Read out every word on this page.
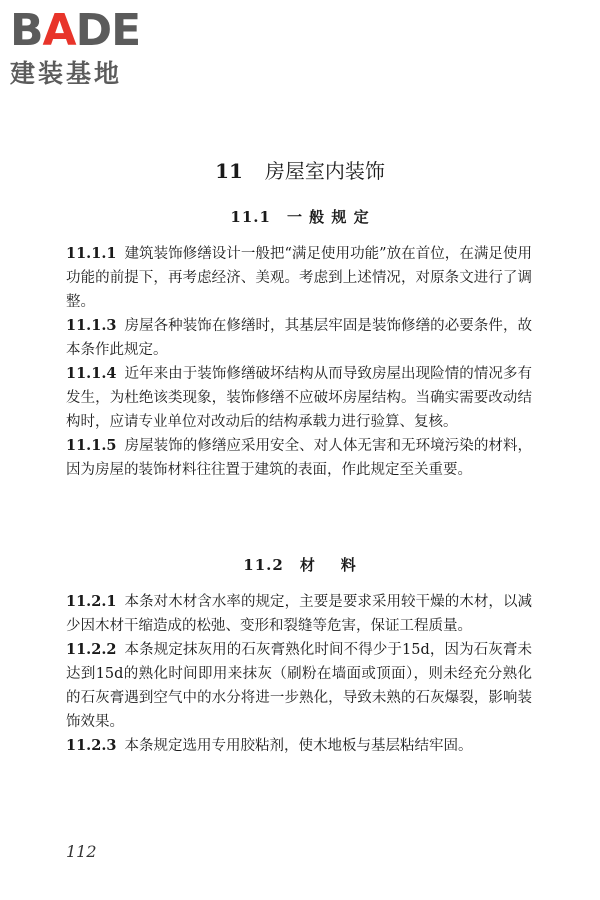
BADE
建装基地
11 房屋室内装饰
11.1 一 般 规 定

11.1.1 建筑装饰修缮设计一般把“满足使用功能”放在首位，在满足使用功能的前提下，再考虑经济、美观。考虑到上述情况，对原条文进行了调整。

11.1.3 房屋各种装饰在修缮时，其基层牢固是装饰修缮的必要条件，故本条作此规定。

11.1.4 近年来由于装饰修缮破坏结构从而导致房屋出现险情的情况多有发生，为杜绝该类现象，装饰修缮不应破坏房屋结构。当确实需要改动结构时，应请专业单位对改动后的结构承载力进行验算、复核。

11.1.5 房屋装饰的修缮应采用安全、对人体无害和无环境污染的材料，因为房屋的装饰材料往往置于建筑的表面，作此规定至关重要。

11.2 材    料

11.2.1 本条对木材含水率的规定，主要是要求采用较干燥的木材，以减少因木材干缩造成的松弛、变形和裂缝等危害，保证工程质量。

11.2.2 本条规定抹灰用的石灰膏熟化时间不得少于15d，因为石灰膏未达到15d的熟化时间即用来抹灰（刷粉在墙面或顶面），则未经充分熟化的石灰膏遇到空气中的水分将进一步熟化，导致未熟的石灰爆裂，影响装饰效果。

11.2.3 本条规定选用专用胶粘剂，使木地板与基层粘结牢固。

112
